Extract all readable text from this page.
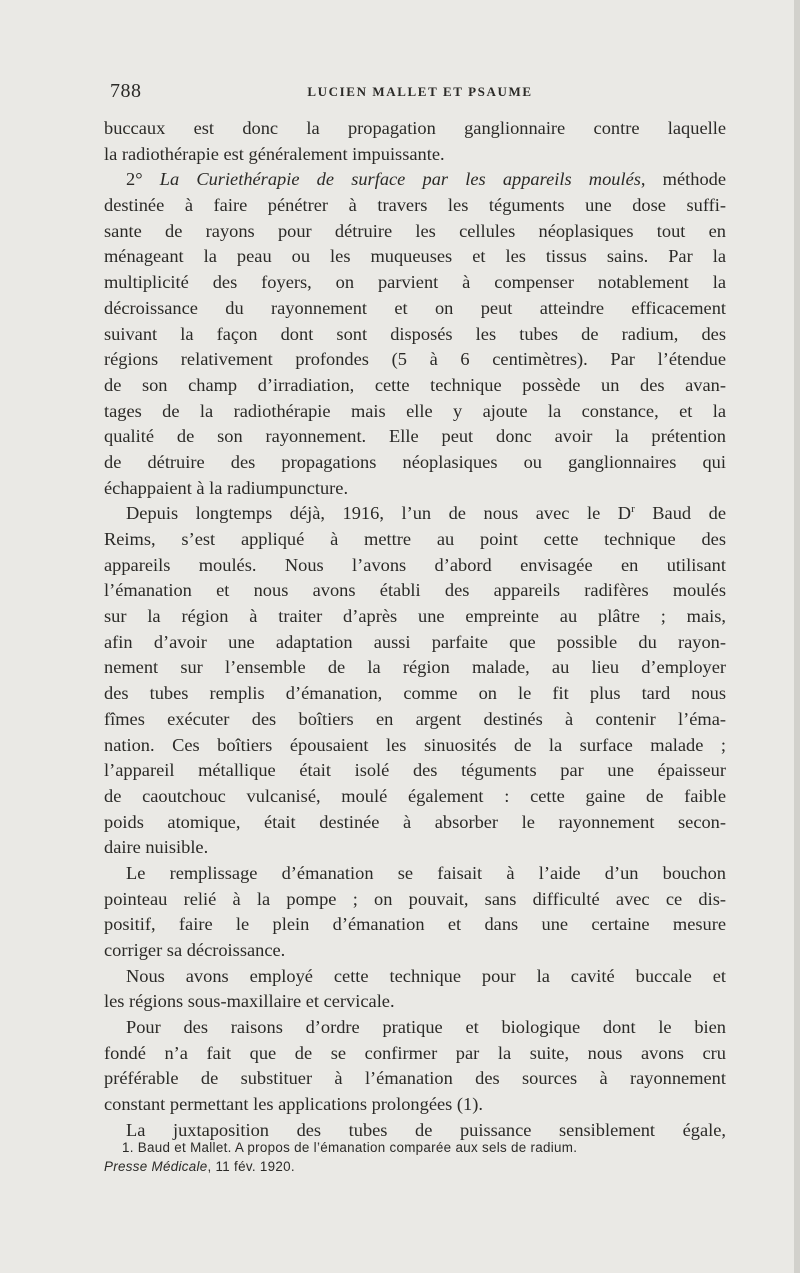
788	LUCIEN MALLET ET PSAUME
buccaux est donc la propagation ganglionnaire contre laquelle
la radiothérapie est généralement impuissante.
2° La Curiethérapie de surface par les appareils moulés, méthode
destinée à faire pénétrer à travers les téguments une dose suffi-
sante de rayons pour détruire les cellules néoplasiques tout en
ménageant la peau ou les muqueuses et les tissus sains. Par la
multiplicité des foyers, on parvient à compenser notablement la
décroissance du rayonnement et on peut atteindre efficacement
suivant la façon dont sont disposés les tubes de radium, des
régions relativement profondes (5 à 6 centimètres). Par l’étendue
de son champ d’irradiation, cette technique possède un des avan-
tages de la radiothérapie mais elle y ajoute la constance, et la
qualité de son rayonnement. Elle peut donc avoir la prétention
de détruire des propagations néoplasiques ou ganglionnaires qui
échappaient à la radiumpuncture.
Depuis longtemps déjà, 1916, l’un de nous avec le $D^r$ Baud de
Reims, s’est appliqué à mettre au point cette technique des
appareils moulés. Nous l’avons d’abord envisagée en utilisant
l’émanation et nous avons établi des appareils radifères moulés
sur la région à traiter d’après une empreinte au plâtre ; mais,
afin d’avoir une adaptation aussi parfaite que possible du rayon-
nement sur l’ensemble de la région malade, au lieu d’employer
des tubes remplis d’émanation, comme on le fit plus tard nous
fîmes exécuter des boîtiers en argent destinés à contenir l’éma-
nation. Ces boîtiers épousaient les sinuosités de la surface malade ;
l’appareil métallique était isolé des téguments par une épaisseur
de caoutchouc vulcanisé, moulé également : cette gaine de faible
poids atomique, était destinée à absorber le rayonnement secon-
daire nuisible.
Le remplissage d’émanation se faisait à l’aide d’un bouchon
pointeau relié à la pompe ; on pouvait, sans difficulté avec ce dis-
positif, faire le plein d’émanation et dans une certaine mesure
corriger sa décroissance.
Nous avons employé cette technique pour la cavité buccale et
les régions sous-maxillaire et cervicale.
Pour des raisons d’ordre pratique et biologique dont le bien
fondé n’a fait que de se confirmer par la suite, nous avons cru
préférable de substituer à l’émanation des sources à rayonnement
constant permettant les applications prolongées (1).
La juxtaposition des tubes de puissance sensiblement égale,
1. Baud et Mallet. A propos de l’émanation comparée aux sels de radium.
Presse Médicale, 11 fév. 1920.
